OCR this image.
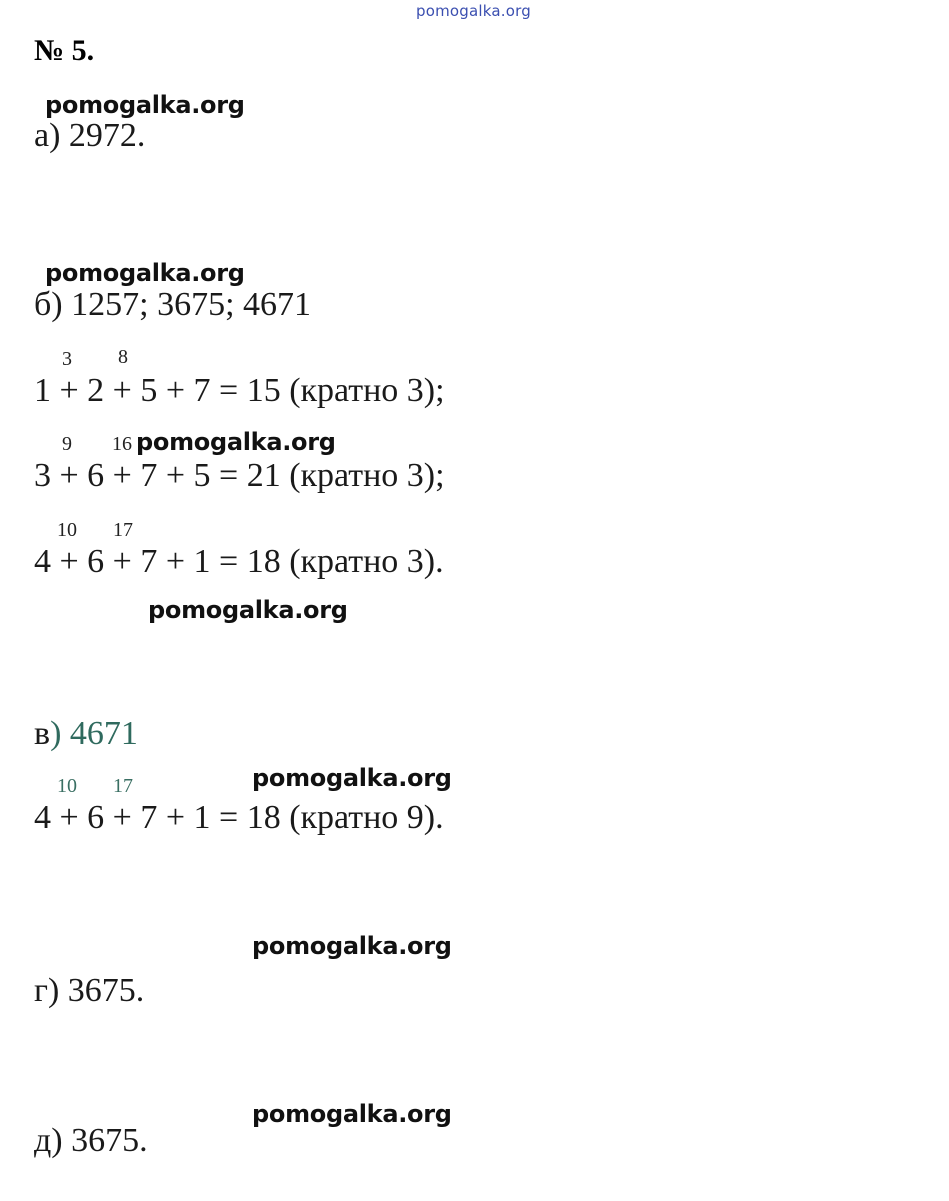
pomogalka.org
№ 5.
pomogalka.org
а) 2972.
pomogalka.org
б) 1257; 3675; 4671
3 8
1 + 2 + 5 + 7 = 15 (кратно 3);
9 16 pomogalka.org
3 + 6 + 7 + 5 = 21 (кратно 3);
10 17
4 + 6 + 7 + 1 = 18 (кратно 3).
pomogalka.org
в) 4671
10 17	pomogalka.org
4 + 6 + 7 + 1 = 18 (кратно 9).
pomogalka.org
г) 3675.
pomogalka.org
д) 3675.
